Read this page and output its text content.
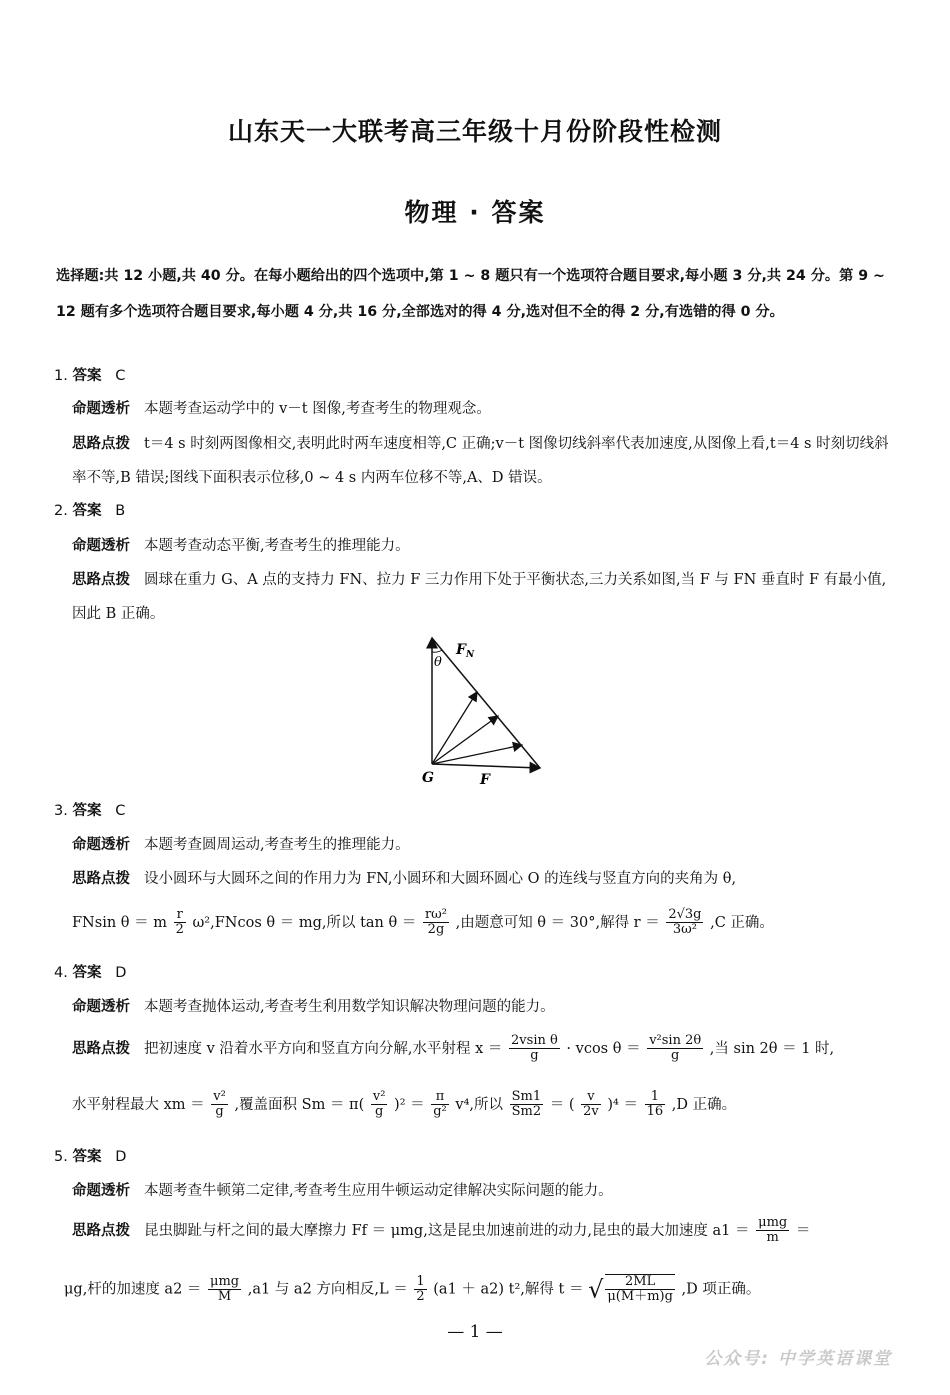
山东天一大联考高三年级十月份阶段性检测
物理 · 答案
选择题:共 12 小题,共 40 分。在每小题给出的四个选项中,第 1 ~ 8 题只有一个选项符合题目要求,每小题 3 分,共 24 分。第 9 ~ 12 题有多个选项符合题目要求,每小题 4 分,共 16 分,全部选对的得 4 分,选对但不全的得 2 分,有选错的得 0 分。
1. 答案 C
命题透析 本题考查运动学中的 v－t 图像,考查考生的物理观念。
思路点拨 t＝4 s 时刻两图像相交,表明此时两车速度相等,C 正确;v－t 图像切线斜率代表加速度,从图像上看,t＝4 s 时刻切线斜率不等,B 错误;图线下面积表示位移,0 ~ 4 s 内两车位移不等,A、D 错误。
2. 答案 B
命题透析 本题考查动态平衡,考查考生的推理能力。
思路点拨 圆球在重力 G、A 点的支持力 FN、拉力 F 三力作用下处于平衡状态,三力关系如图,当 F 与 FN 垂直时 F 有最小值,因此 B 正确。
θ
$F_N$
G	F
3. 答案 C
命题透析 本题考查圆周运动,考查考生的推理能力。
思路点拨 设小圆环与大圆环之间的作用力为 FN,小圆环和大圆环圆心 O 的连线与竖直方向的夹角为 θ,
FNsin θ ＝ m $\frac{r}{2} \omega^2,FNcos$ θ ＝ mg,所以 $\tan \theta = \frac{\text{rω²}}{2g}$ ,由题意可知 θ ＝ 30°,解得 $r = \frac{2√3g}{\text{3ω²}} ,C$ 正确。
4. 答案 D
命题透析 本题考查抛体运动,考查考生利用数学知识解决物理问题的能力。
思路点拨 把初速度 v 沿着水平方向和竖直方向分解,水平射程 $x = \frac{\text{2vsin θ}}{g} \cdot vcos$ $\theta = \frac{\text{v²sin 2θ}}{g}$ ,当 sin 2θ ＝ 1 时,
水平射程最大 xm ＝ $\frac{\text{v²}}{g}$ ,覆盖面积 $Sm = \pi( \frac{\text{v²}}{g} )^2 = \frac{\pi}{\text{g²}} v^4$,所以 $\frac{Sm1}{Sm2}$ ＝ ( $\frac{v}{2v} )^4 = \frac{1}{16} ,D$ 正确。
5. 答案 D
命题透析 本题考查牛顿第二定律,考查考生应用牛顿运动定律解决实际问题的能力。
思路点拨 昆虫脚趾与杆之间的最大摩擦力 Ff ＝ μmg,这是昆虫加速前进的动力,昆虫的最大加速度 $a1 = \frac{\text{μmg}}{m}$ ＝
μg,杆的加速度 $a2 = \frac{\text{μmg}}{M} ,a1$ 与 a2 方向相反$,L = \frac{1}{2} (a1 + a2)$ t²,解得 t ＝ √ $\frac{2ML}{\mu(M+m)g} ,D$ 项正确。
— 1 —
公众号: 中学英语课堂
